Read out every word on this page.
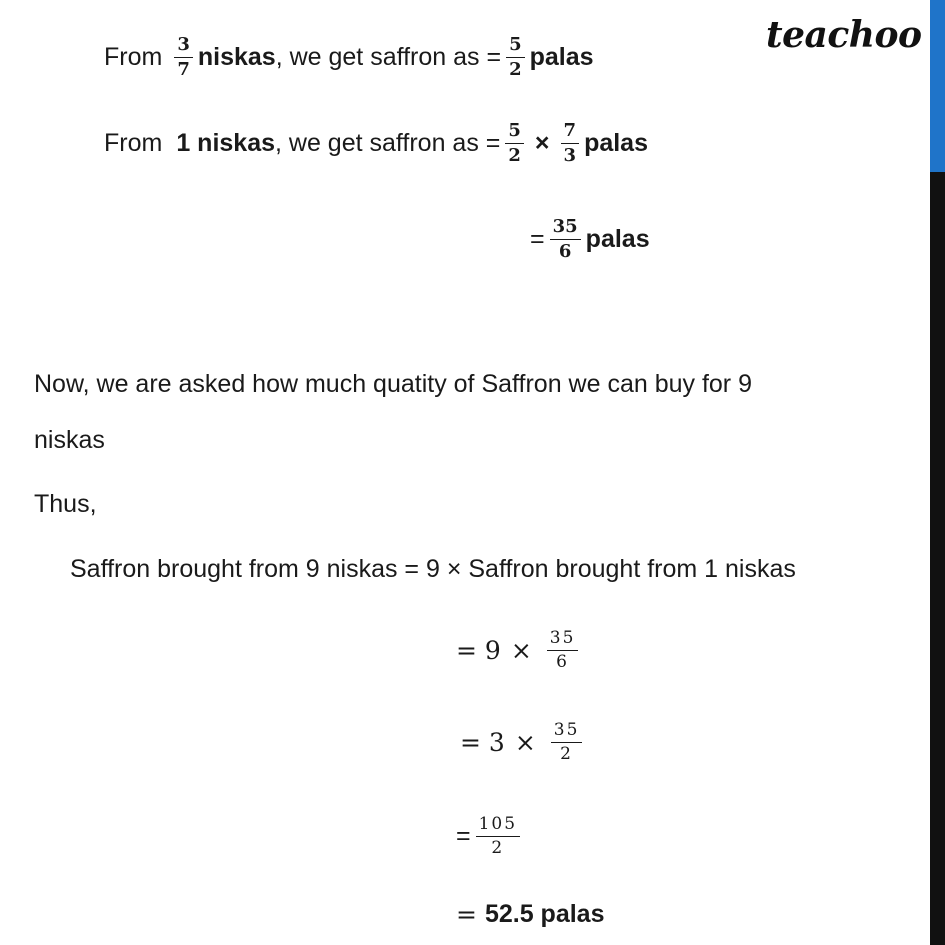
teachoo
From $\frac{3}{7}$ niskas , we get saffron as = $\frac{5}{2}$ palas
From 1 niskas , we get saffron as = $\frac{5}{2} \times \frac{7}{3}$ palas
= $\frac{35}{6}$ palas
Now, we are asked how much quatity of Saffron we can buy for 9
niskas
Thus,
Saffron brought from 9 niskas = 9 × Saffron brought from 1 niskas
= $9 \times \frac{35}{6}$
= $3 \times \frac{35}{2}$
= $\frac{105}{2}$
= 52.5 palas
